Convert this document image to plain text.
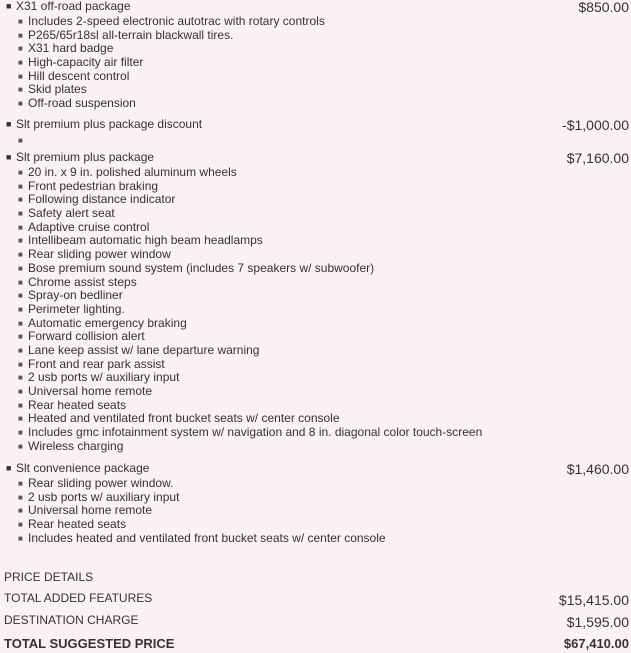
■ X31 off-road package	$850.00
■ Includes 2-speed electronic autotrac with rotary controls
■ P265/65r18sl all-terrain blackwall tires.
■ X31 hard badge
■ High-capacity air filter
■ Hill descent control
■ Skid plates
■ Off-road suspension
■ Slt premium plus package discount	-$1,000.00
■
■ Slt premium plus package	$7,160.00
■ 20 in. x 9 in. polished aluminum wheels
■ Front pedestrian braking
■ Following distance indicator
■ Safety alert seat
■ Adaptive cruise control
■ Intellibeam automatic high beam headlamps
■ Rear sliding power window
■ Bose premium sound system (includes 7 speakers w/ subwoofer)
■ Chrome assist steps
■ Spray-on bedliner
■ Perimeter lighting.
■ Automatic emergency braking
■ Forward collision alert
■ Lane keep assist w/ lane departure warning
■ Front and rear park assist
■ 2 usb ports w/ auxiliary input
■ Universal home remote
■ Rear heated seats
■ Heated and ventilated front bucket seats w/ center console
■ Includes gmc infotainment system w/ navigation and 8 in. diagonal color touch-screen
■ Wireless charging
■ Slt convenience package	$1,460.00
■ Rear sliding power window.
■ 2 usb ports w/ auxiliary input
■ Universal home remote
■ Rear heated seats
■ Includes heated and ventilated front bucket seats w/ center console
PRICE DETAILS
TOTAL ADDED FEATURES	$15,415.00
DESTINATION CHARGE	$1,595.00
TOTAL SUGGESTED PRICE	$67,410.00
